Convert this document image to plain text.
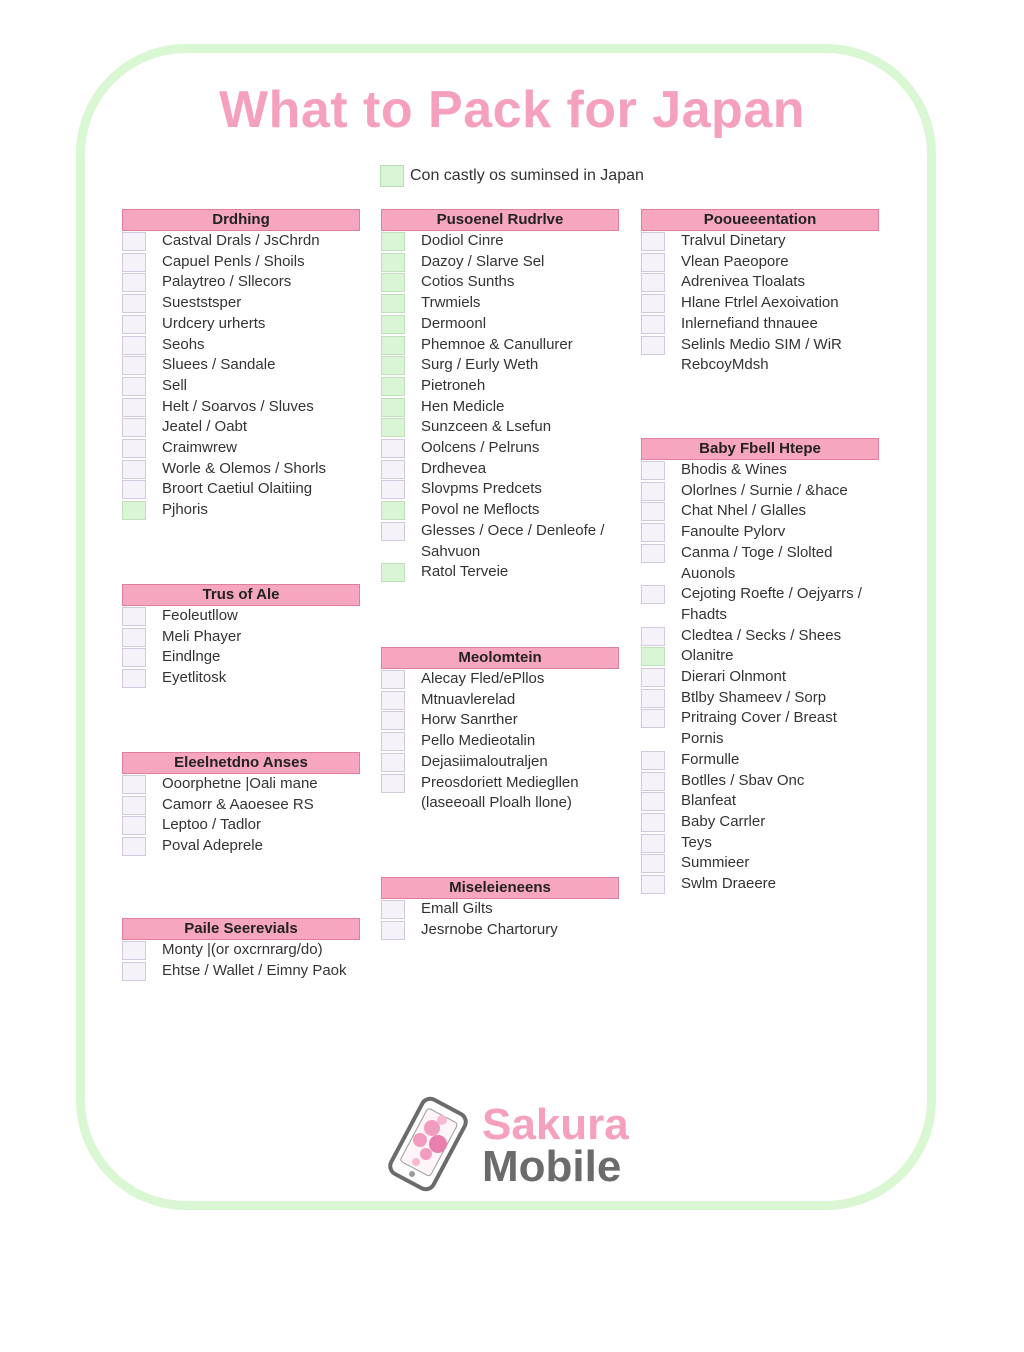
What to Pack for Japan
Con castly os suminsed in Japan
Drdhing
Castval Drals / JsChrdn
Capuel Penls / Shoils
Palaytreo / Sllecors
Sueststsper
Urdcery urherts
Seohs
Sluees / Sandale
Sell
Helt / Soarvos / Sluves
Jeatel / Oabt
Craimwrew
Worle & Olemos / Shorls
Broort Caetiul Olaitiing
Pjhoris
Trus of Ale
Feoleutllow
Meli Phayer
Eindlnge
Eyetlitosk
Eleelnetdno Anses
Ooorphetne |Oali mane
Camorr & Aaoesee RS
Leptoo / Tadlor
Poval Adeprele
Paile Seerevials
Monty |(or oxcrnrarg/do)
Ehtse / Wallet / Eimny Paok
Pusoenel Rudrlve
Dodiol Cinre
Dazoy / Slarve Sel
Cotios Sunths
Trwmiels
Dermoonl
Phemnoe & Canullurer
Surg / Eurly Weth
Pietroneh
Hen Medicle
Sunzceen & Lsefun
Oolcens / Pelruns
Drdhevea
Slovpms Predcets
Povol ne Meflocts
Glesses / Oece / Denleofe / Sahvuon
Ratol Terveie
Meolomtein
Alecay Fled/ePllos
Mtnuavlerelad
Horw Sanrther
Pello Medieotalin
Dejasiimaloutraljen
Preosdoriett Mediegllen (laseeoall Ploalh llone)
Miseleieneens
Emall Gilts
Jesrnobe Chartorury
Pooueeentation
Tralvul Dinetary
Vlean Paeopore
Adrenivea Tloalats
Hlane Ftrlel Aexoivation
Inlernefiand thnauee
Selinls Medio SIM / WiR
RebcoyMdsh
Baby Fbell Htepe
Bhodis & Wines
Olorlnes / Surnie / &hace
Chat Nhel / Glalles
Fanoulte Pylorv
Canma / Toge / Slolted Auonols
Cejoting Roefte / Oejyarrs / Fhadts
Cledtea / Secks / Shees
Olanitre
Dierari Olnmont
Btlby Shameev / Sorp
Pritraing Cover / Breast Pornis
Formulle
Botlles / Sbav Onc
Blanfeat
Baby Carrler
Teys
Summieer
Swlm Draeere
Sakura
Mobile
